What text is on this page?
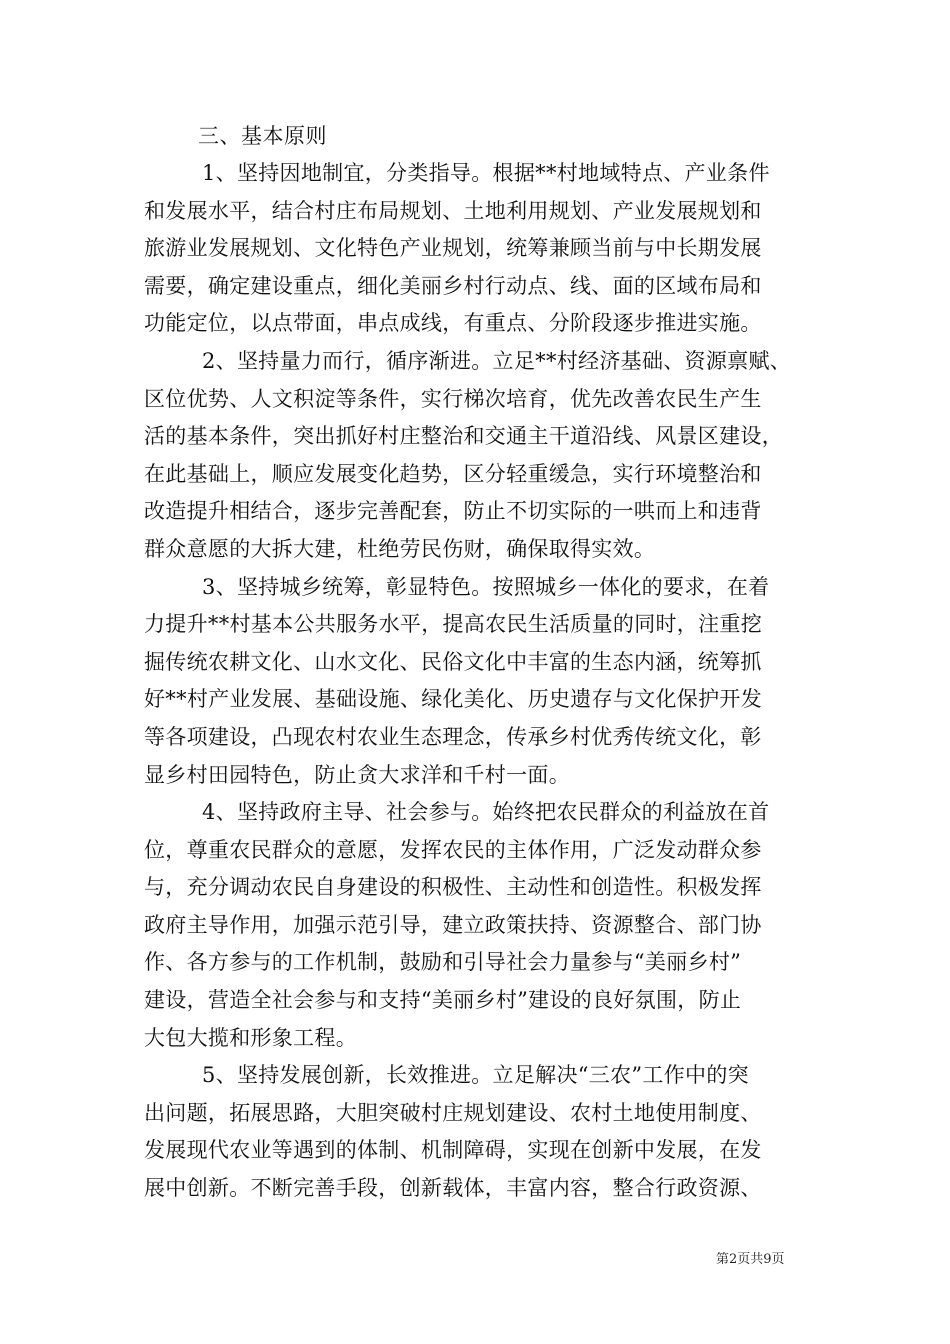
三、基本原则

1、坚持因地制宜，分类指导。根据**村地域特点、产业条件

和发展水平，结合村庄布局规划、土地利用规划、产业发展规划和

旅游业发展规划、文化特色产业规划，统筹兼顾当前与中长期发展

需要，确定建设重点，细化美丽乡村行动点、线、面的区域布局和

功能定位，以点带面，串点成线，有重点、分阶段逐步推进实施。

2、坚持量力而行，循序渐进。立足**村经济基础、资源禀赋、

区位优势、人文积淀等条件，实行梯次培育，优先改善农民生产生

活的基本条件，突出抓好村庄整治和交通主干道沿线、风景区建设，

在此基础上，顺应发展变化趋势，区分轻重缓急，实行环境整治和

改造提升相结合，逐步完善配套，防止不切实际的一哄而上和违背

群众意愿的大拆大建，杜绝劳民伤财，确保取得实效。

3、坚持城乡统筹，彰显特色。按照城乡一体化的要求，在着

力提升**村基本公共服务水平，提高农民生活质量的同时，注重挖

掘传统农耕文化、山水文化、民俗文化中丰富的生态内涵，统筹抓

好**村产业发展、基础设施、绿化美化、历史遗存与文化保护开发

等各项建设，凸现农村农业生态理念，传承乡村优秀传统文化，彰

显乡村田园特色，防止贪大求洋和千村一面。

4、坚持政府主导、社会参与。始终把农民群众的利益放在首

位，尊重农民群众的意愿，发挥农民的主体作用，广泛发动群众参

与，充分调动农民自身建设的积极性、主动性和创造性。积极发挥

政府主导作用，加强示范引导，建立政策扶持、资源整合、部门协

作、各方参与的工作机制，鼓励和引导社会力量参与“美丽乡村”

建设，营造全社会参与和支持“美丽乡村”建设的良好氛围，防止

大包大揽和形象工程。

5、坚持发展创新，长效推进。立足解决“三农”工作中的突

出问题，拓展思路，大胆突破村庄规划建设、农村土地使用制度、

发展现代农业等遇到的体制、机制障碍，实现在创新中发展，在发

展中创新。不断完善手段，创新载体，丰富内容，整合行政资源、

第2页共9页
